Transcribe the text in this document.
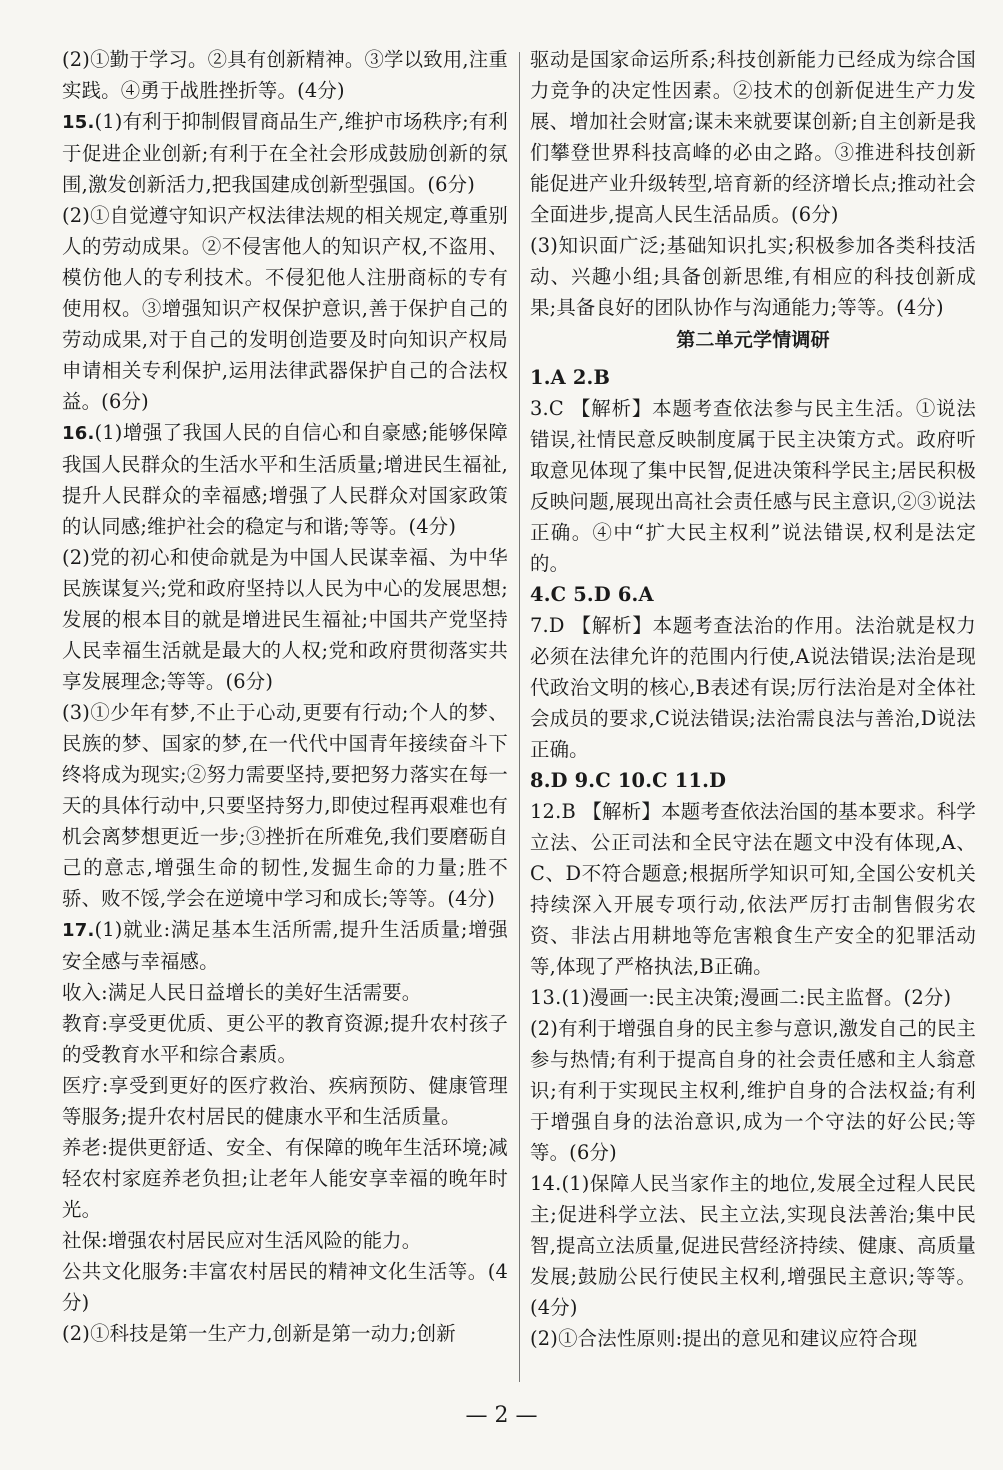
(2)①勤于学习。②具有创新精神。③学以致用,注重实践。④勇于战胜挫折等。(4分)

15.(1)有利于抑制假冒商品生产,维护市场秩序;有利于促进企业创新;有利于在全社会形成鼓励创新的氛围,激发创新活力,把我国建成创新型强国。(6分)

(2)①自觉遵守知识产权法律法规的相关规定,尊重别人的劳动成果。②不侵害他人的知识产权,不盗用、模仿他人的专利技术。不侵犯他人注册商标的专有使用权。③增强知识产权保护意识,善于保护自己的劳动成果,对于自己的发明创造要及时向知识产权局申请相关专利保护,运用法律武器保护自己的合法权益。(6分)

16.(1)增强了我国人民的自信心和自豪感;能够保障我国人民群众的生活水平和生活质量;增进民生福祉,提升人民群众的幸福感;增强了人民群众对国家政策的认同感;维护社会的稳定与和谐;等等。(4分)

(2)党的初心和使命就是为中国人民谋幸福、为中华民族谋复兴;党和政府坚持以人民为中心的发展思想;发展的根本目的就是增进民生福祉;中国共产党坚持人民幸福生活就是最大的人权;党和政府贯彻落实共享发展理念;等等。(6分)

(3)①少年有梦,不止于心动,更要有行动;个人的梦、民族的梦、国家的梦,在一代代中国青年接续奋斗下终将成为现实;②努力需要坚持,要把努力落实在每一天的具体行动中,只要坚持努力,即使过程再艰难也有机会离梦想更近一步;③挫折在所难免,我们要磨砺自己的意志,增强生命的韧性,发掘生命的力量;胜不骄、败不馁,学会在逆境中学习和成长;等等。(4分)

17.(1)就业:满足基本生活所需,提升生活质量;增强安全感与幸福感。

收入:满足人民日益增长的美好生活需要。

教育:享受更优质、更公平的教育资源;提升农村孩子的受教育水平和综合素质。

医疗:享受到更好的医疗救治、疾病预防、健康管理等服务;提升农村居民的健康水平和生活质量。

养老:提供更舒适、安全、有保障的晚年生活环境;减轻农村家庭养老负担;让老年人能安享幸福的晚年时光。

社保:增强农村居民应对生活风险的能力。

公共文化服务:丰富农村居民的精神文化生活等。(4分)

(2)①科技是第一生产力,创新是第一动力;创新

驱动是国家命运所系;科技创新能力已经成为综合国力竞争的决定性因素。②技术的创新促进生产力发展、增加社会财富;谋未来就要谋创新;自主创新是我们攀登世界科技高峰的必由之路。③推进科技创新能促进产业升级转型,培育新的经济增长点;推动社会全面进步,提高人民生活品质。(6分)

(3)知识面广泛;基础知识扎实;积极参加各类科技活动、兴趣小组;具备创新思维,有相应的科技创新成果;具备良好的团队协作与沟通能力;等等。(4分)

第二单元学情调研

1.A 2.B

3.C 【解析】本题考查依法参与民主生活。①说法错误,社情民意反映制度属于民主决策方式。政府听取意见体现了集中民智,促进决策科学民主;居民积极反映问题,展现出高社会责任感与民主意识,②③说法正确。④中“扩大民主权利”说法错误,权利是法定的。

4.C 5.D 6.A

7.D 【解析】本题考查法治的作用。法治就是权力必须在法律允许的范围内行使,A说法错误;法治是现代政治文明的核心,B表述有误;厉行法治是对全体社会成员的要求,C说法错误;法治需良法与善治,D说法正确。

8.D 9.C 10.C 11.D

12.B 【解析】本题考查依法治国的基本要求。科学立法、公正司法和全民守法在题文中没有体现,A、C、D不符合题意;根据所学知识可知,全国公安机关持续深入开展专项行动,依法严厉打击制售假劣农资、非法占用耕地等危害粮食生产安全的犯罪活动等,体现了严格执法,B正确。

13.(1)漫画一:民主决策;漫画二:民主监督。(2分)

(2)有利于增强自身的民主参与意识,激发自己的民主参与热情;有利于提高自身的社会责任感和主人翁意识;有利于实现民主权利,维护自身的合法权益;有利于增强自身的法治意识,成为一个守法的好公民;等等。(6分)

14.(1)保障人民当家作主的地位,发展全过程人民民主;促进科学立法、民主立法,实现良法善治;集中民智,提高立法质量,促进民营经济持续、健康、高质量发展;鼓励公民行使民主权利,增强民主意识;等等。(4分)

(2)①合法性原则:提出的意见和建议应符合现

— 2 —
